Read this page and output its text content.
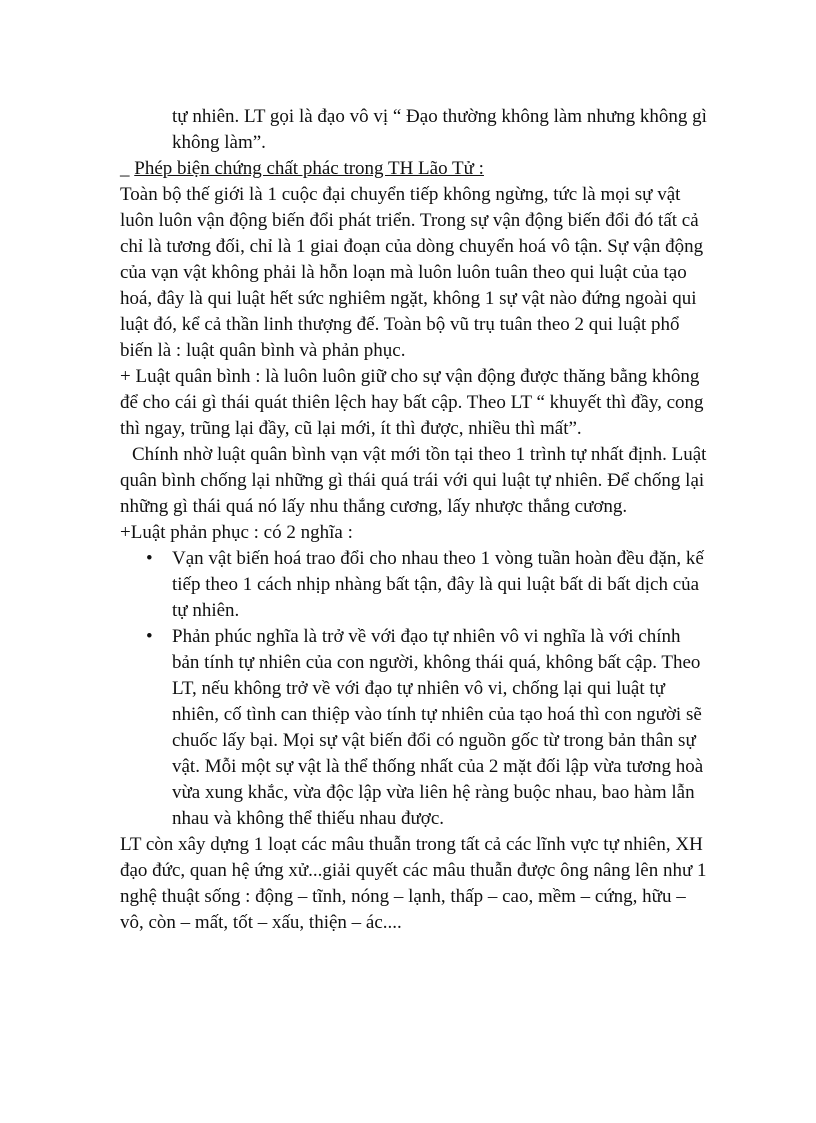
tự nhiên. LT gọi là đạo vô vị “ Đạo thường không làm nhưng không gì không làm”.

_ Phép biện chứng chất phác trong TH Lão Tử :

Toàn bộ thế giới là 1 cuộc đại chuyển tiếp không ngừng, tức là mọi sự vật luôn luôn vận động biến đổi phát triển. Trong sự vận động biến đổi đó tất cả chỉ là tương đối, chỉ là 1 giai đoạn của dòng chuyển hoá vô tận. Sự vận động của vạn vật không phải là hỗn loạn mà luôn luôn tuân theo qui luật của tạo hoá, đây là qui luật hết sức nghiêm ngặt, không 1 sự vật nào đứng ngoài qui luật đó, kể cả thần linh thượng đế. Toàn bộ vũ trụ tuân theo 2 qui luật phổ biến là : luật quân bình và phản phục.

+ Luật quân bình : là luôn luôn giữ cho sự vận động được thăng bằng không để cho cái gì thái quát thiên lệch hay bất cập. Theo LT “ khuyết thì đầy, cong thì ngay, trũng lại đầy, cũ lại mới, ít thì được, nhiều thì mất”.

Chính nhờ luật quân bình vạn vật mới tồn tại theo 1 trình tự nhất định. Luật quân bình chống lại những gì thái quá trái với qui luật tự nhiên. Để chống lại những gì thái quá nó lấy nhu thắng cương, lấy nhược thắng cương.

+Luật phản phục : có 2 nghĩa :

• Vạn vật biến hoá trao đổi cho nhau theo 1 vòng tuần hoàn đều đặn, kế tiếp theo 1 cách nhịp nhàng bất tận, đây là qui luật bất di bất dịch của tự nhiên.
• Phản phúc nghĩa là trở về với đạo tự nhiên vô vi nghĩa là với chính bản tính tự nhiên của con người, không thái quá, không bất cập. Theo LT, nếu không trở về với đạo tự nhiên vô vi, chống lại qui luật tự nhiên, cố tình can thiệp vào tính tự nhiên của tạo hoá thì con người sẽ chuốc lấy bại. Mọi sự vật biến đổi có nguồn gốc từ trong bản thân sự vật. Mỗi một sự vật là thể thống nhất của 2 mặt đối lập vừa tương hoà vừa xung khắc, vừa độc lập vừa liên hệ ràng buộc nhau, bao hàm lẫn nhau và không thể thiếu nhau được.

LT còn xây dựng 1 loạt các mâu thuẫn trong tất cả các lĩnh vực tự nhiên, XH đạo đức, quan hệ ứng xử...giải quyết các mâu thuẫn được ông nâng lên như 1 nghệ thuật sống : động – tĩnh, nóng – lạnh, thấp – cao, mềm – cứng, hữu – vô, còn – mất, tốt – xấu, thiện – ác....
